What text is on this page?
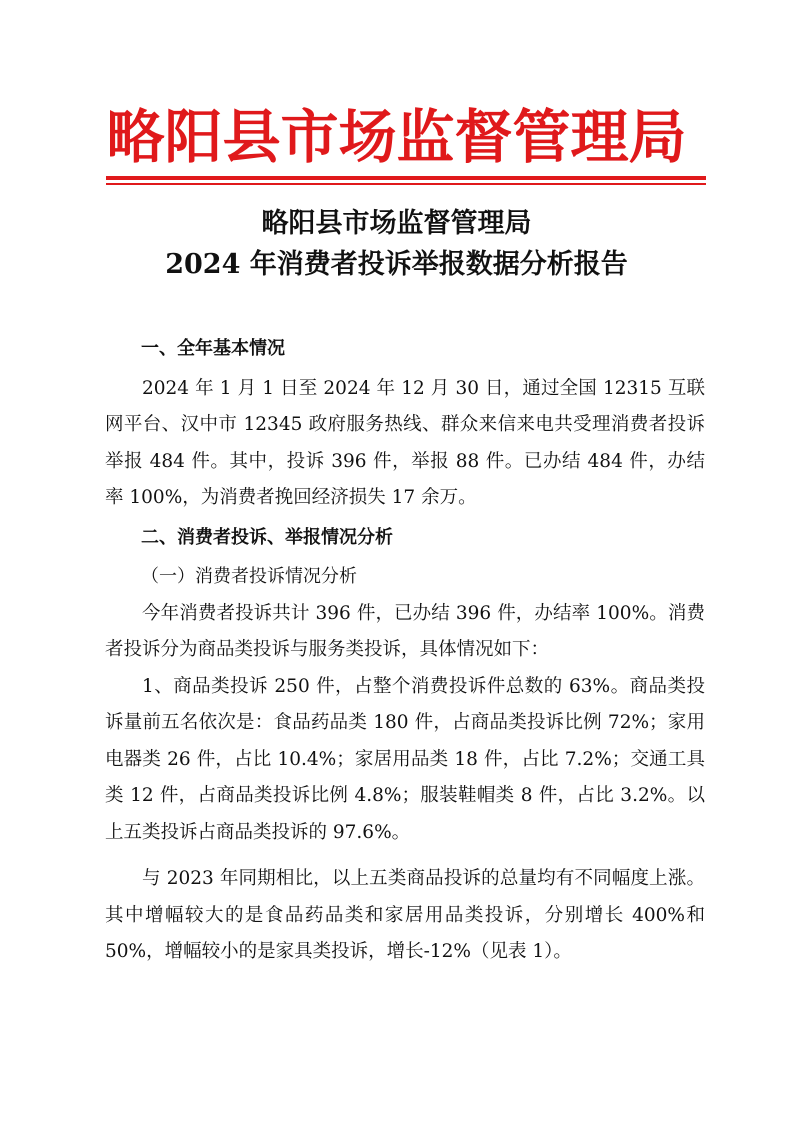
略阳县市场监督管理局
略阳县市场监督管理局
2024 年消费者投诉举报数据分析报告

一、全年基本情况

2024 年 1 月 1 日至 2024 年 12 月 30 日，通过全国 12315 互联网平台、汉中市 12345 政府服务热线、群众来信来电共受理消费者投诉举报 484 件。其中，投诉 396 件，举报 88 件。已办结 484 件，办结率 100%，为消费者挽回经济损失 17 余万。

二、消费者投诉、举报情况分析

（一）消费者投诉情况分析

今年消费者投诉共计 396 件，已办结 396 件，办结率 100%。消费者投诉分为商品类投诉与服务类投诉，具体情况如下：

1、商品类投诉 250 件，占整个消费投诉件总数的 63%。商品类投诉量前五名依次是：食品药品类 180 件，占商品类投诉比例 72%；家用电器类 26 件，占比 10.4%；家居用品类 18 件，占比 7.2%；交通工具类 12 件，占商品类投诉比例 4.8%；服装鞋帽类 8 件，占比 3.2%。以上五类投诉占商品类投诉的 97.6%。

与 2023 年同期相比，以上五类商品投诉的总量均有不同幅度上涨。其中增幅较大的是食品药品类和家居用品类投诉，分别增长 400%和 50%，增幅较小的是家具类投诉，增长-12%（见表 1）。
